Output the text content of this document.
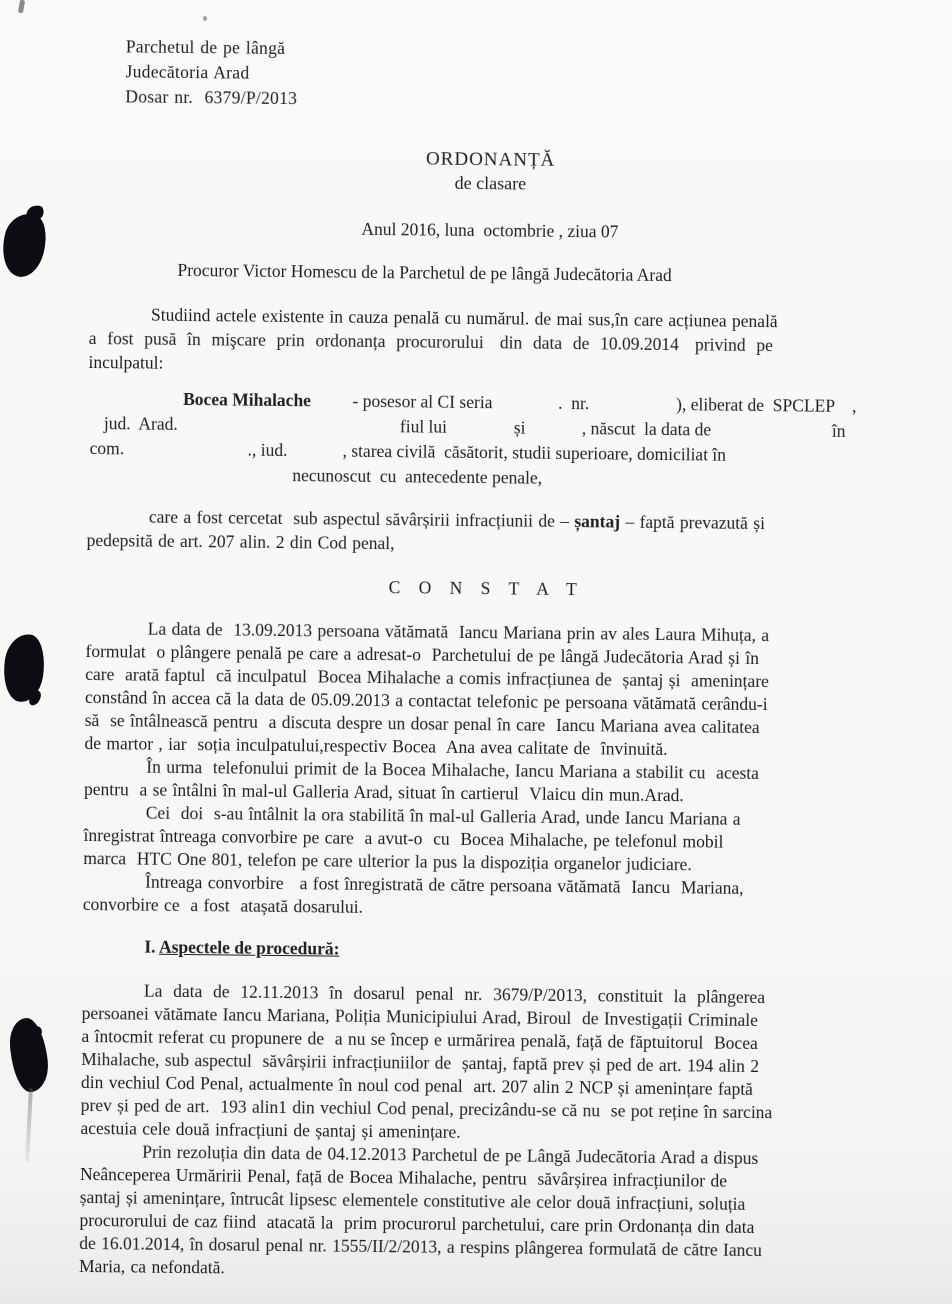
Parchetul de pe lângă
Judecătoria Arad
Dosar nr.  6379/P/2013
ORDONANȚĂ
de clasare
Anul 2016, luna  octombrie , ziua 07
Procuror Victor Homescu de la Parchetul de pe lângă Judecătoria Arad
Studiind actele existente in cauza penală cu numărul. de mai sus,în care acțiunea penală
a  fost  pusă  în  mişcare  prin  ordonanța  procurorului   din  data  de  10.09.2014   privind  pe
inculpatul:
Bocea Mihalache - posesor al CI seria	.  nr.	), eliberat de  SPCLEP ,
jud.  Arad.	fiul lui	și	, născut  la data de	în
com.	., iud.	, starea civilă  căsătorit, studii superioare, domiciliat în
necunoscut  cu  antecedente penale,
care a fost cercetat  sub aspectul săvârșirii infracțiunii de – șantaj – faptă prevazută și
pedepsită de art. 207 alin. 2 din Cod penal,
C O N S T A T
La data de  13.09.2013 persoana vătămată  Iancu Mariana prin av ales Laura Mihuța, a
formulat  o plângere penală pe care a adresat-o  Parchetului de pe lângă Judecătoria Arad și în
care  arată faptul  că inculpatul  Bocea Mihalache a comis infracțiunea de  șantaj și  amenințare
constând în accea că la data de 05.09.2013 a contactat telefonic pe persoana vătămată cerându-i
să  se întâlnească pentru  a discuta despre un dosar penal în care  Iancu Mariana avea calitatea
de martor , iar  soția inculpatului,respectiv Bocea  Ana avea calitate de  învinuită.
În urma  telefonului primit de la Bocea Mihalache, Iancu Mariana a stabilit cu  acesta
pentru  a se întâlni în mal-ul Galleria Arad, situat în cartierul  Vlaicu din mun.Arad.
Cei  doi  s-au întâlnit la ora stabilită în mal-ul Galleria Arad, unde Iancu Mariana a
înregistrat întreaga convorbire pe care  a avut-o  cu  Bocea Mihalache, pe telefonul mobil
marca  HTC One 801, telefon pe care ulterior la pus la dispoziția organelor judiciare.
Întreaga convorbire   a fost înregistrată de către persoana vătămată  Iancu  Mariana,
convorbire ce  a fost  atașată dosarului.
I. Aspectele de procedură:
La  data  de  12.11.2013  în  dosarul  penal  nr.  3679/P/2013,  constituit  la  plângerea
persoanei vătămate Iancu Mariana, Poliția Municipiului Arad, Biroul  de Investigații Criminale
a întocmit referat cu propunere de  a nu se încep e urmărirea penală, față de făptuitorul  Bocea
Mihalache, sub aspectul  săvârșirii infracțiuniilor de  șantaj, faptă prev și ped de art. 194 alin 2
din vechiul Cod Penal, actualmente în noul cod penal  art. 207 alin 2 NCP și amenințare faptă
prev și ped de art.  193 alin1 din vechiul Cod penal, precizându-se că nu  se pot reține în sarcina
acestuia cele două infracțiuni de șantaj și amenințare.
Prin rezoluția din data de 04.12.2013 Parchetul de pe Lângă Judecătoria Arad a dispus
Neânceperea Urmăririi Penal, față de Bocea Mihalache, pentru  săvârșirea infracțiunilor de
șantaj și amenințare, întrucât lipsesc elementele constitutive ale celor două infracțiuni, soluția
procurorului de caz fiind  atacată la  prim procurorul parchetului, care prin Ordonanța din data
de 16.01.2014, în dosarul penal nr. 1555/II/2/2013, a respins plângerea formulată de către Iancu
Maria, ca nefondată.
